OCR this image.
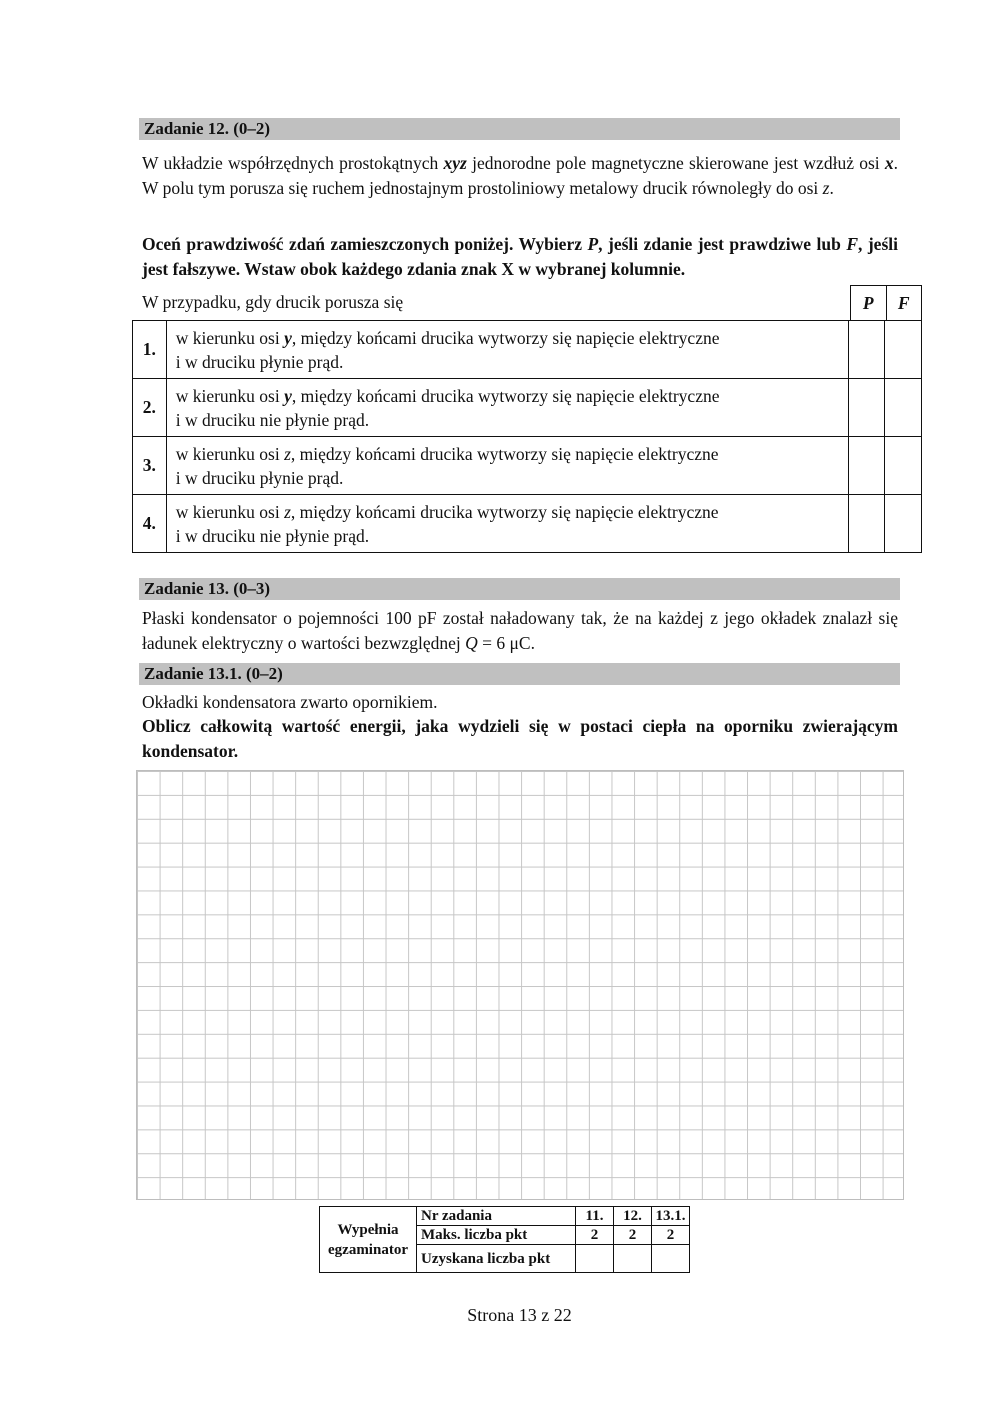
Zadanie 12. (0–2)
W układzie współrzędnych prostokątnych xyz jednorodne pole magnetyczne skierowane jest wzdłuż osi x. W polu tym porusza się ruchem jednostajnym prostoliniowy metalowy drucik równoległy do osi z.
Oceń prawdziwość zdań zamieszczonych poniżej. Wybierz P, jeśli zdanie jest prawdziwe lub F, jeśli jest fałszywe. Wstaw obok każdego zdania znak X w wybranej kolumnie.
W przypadku, gdy drucik porusza się	P	F
1.	w kierunku osi y, między końcami drucika wytworzy się napięcie elektryczne
i w druciku płynie prąd.		
2.	w kierunku osi y, między końcami drucika wytworzy się napięcie elektryczne
i w druciku nie płynie prąd.		
3.	w kierunku osi z, między końcami drucika wytworzy się napięcie elektryczne
i w druciku płynie prąd.		
4.	w kierunku osi z, między końcami drucika wytworzy się napięcie elektryczne
i w druciku nie płynie prąd.		
Zadanie 13. (0–3)
Płaski kondensator o pojemności 100 pF został naładowany tak, że na każdej z jego okładek znalazł się ładunek elektryczny o wartości bezwzględnej Q = 6 μC.
Zadanie 13.1. (0–2)
Okładki kondensatora zwarto opornikiem.
Oblicz całkowitą wartość energii, jaka wydzieli się w postaci ciepła na oporniku zwierającym kondensator.
Wypełnia
egzaminator	Nr zadania	11.	12.	13.1.
	Maks. liczba pkt	2	2	2
	Uzyskana liczba pkt			
Strona 13 z 22
